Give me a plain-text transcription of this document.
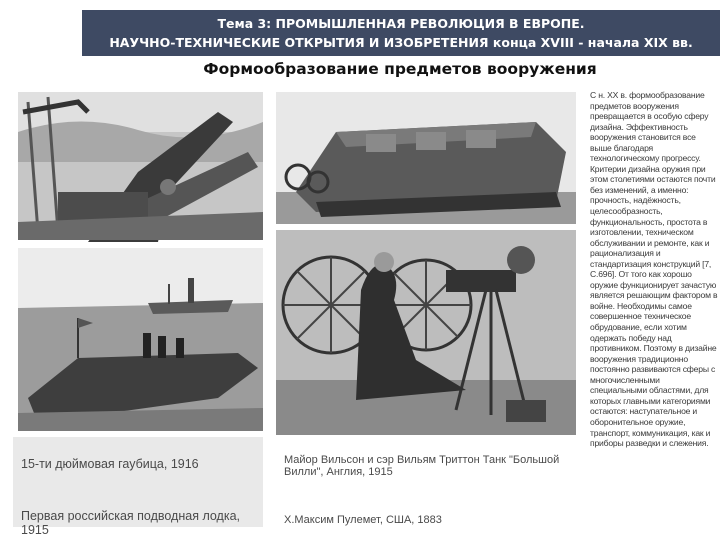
Тема 3: ПРОМЫШЛЕННАЯ РЕВОЛЮЦИЯ В ЕВРОПЕ.
НАУЧНО-ТЕХНИЧЕСКИЕ ОТКРЫТИЯ И ИЗОБРЕТЕНИЯ конца XVIII - начала XIX вв.
Формообразование предметов вооружения
С н. XX в. формообразование предметов вооружения превращается в особую сферу дизайна. Эффективность вооружения становится все выше благодаря технологическому прогрессу. Критерии дизайна оружия при этом столетиями остаются почти без изменений, а именно: прочность, надёжность, целесообразность, функциональность, простота в изготовлении, техническом обслуживании и ремонте, как и рационализация и стандартизация конструкций [7, С.696]. От того как хорошо оружие функционирует зачастую является решающим фактором в войне. Необходимы самое совершенное техническое обрудование, если хотим одержать победу над противником. Поэтому в дизайне вооружения традиционно постоянно развиваются сферы с многочисленными специальными областями, для которых главными категориями остаются: наступательное и оборонительное оружие, транспорт, коммуникация, как и приборы разведки и слежения.

15-ти дюймовая гаубица, 1916

Первая российская подводная лодка, 1915

Майор Вильсон и сэр Вильям Триттон Танк "Большой Вилли", Англия, 1915

Х.Максим Пулемет, США, 1883
